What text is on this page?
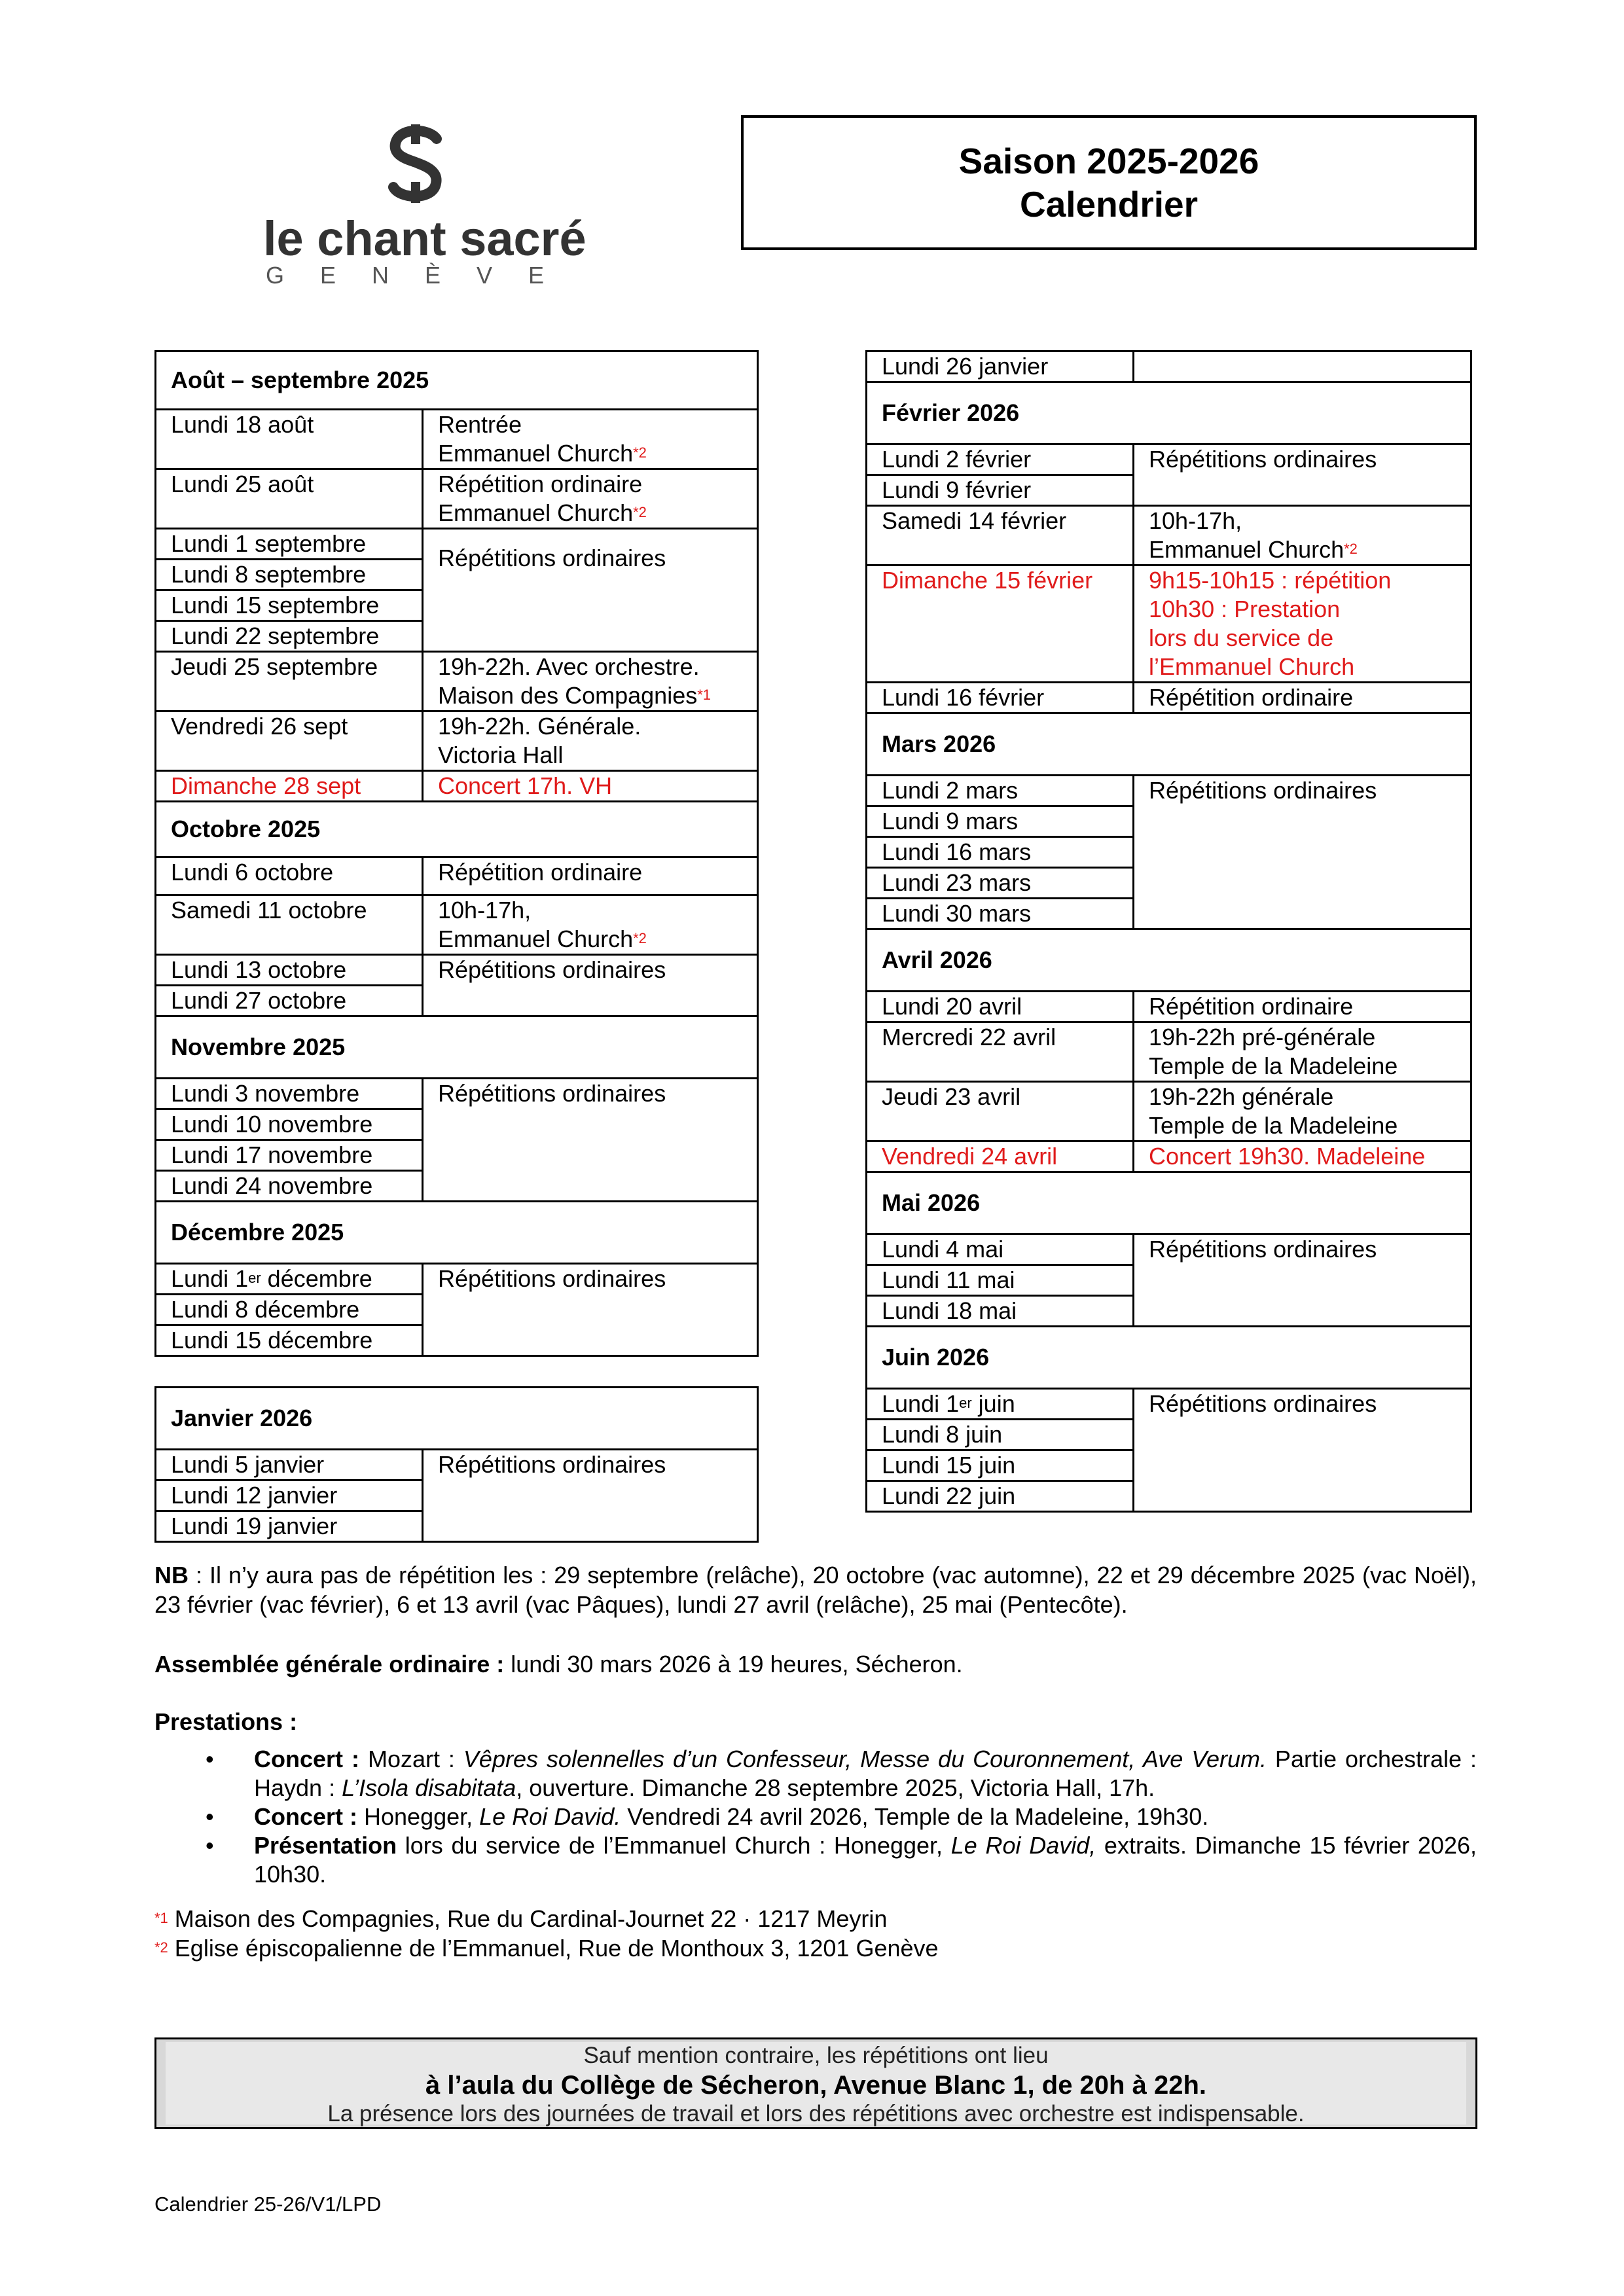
le chant sacré
GENÈVE
Saison 2025-2026
Calendrier
Août – septembre 2025	
Lundi 18 août	Rentrée
Emmanuel Church$^{*2}$
Lundi 25 août	Répétition ordinaire
Emmanuel Church$^{*2}$
Lundi 1 septembre	Répétitions ordinaires
Lundi 8 septembre	
Lundi 15 septembre	
Lundi 22 septembre	
Jeudi 25 septembre	19h-22h. Avec orchestre.
Maison des Compagnies$^{*1}$
Vendredi 26 sept	19h-22h. Générale.
Victoria Hall
Dimanche 28 sept	Concert 17h. VH
Octobre 2025	
Lundi 6 octobre	Répétition ordinaire
Samedi 11 octobre	10h-17h,
Emmanuel Church$^{*2}$
Lundi 13 octobre	Répétitions ordinaires
Lundi 27 octobre	
Novembre 2025	
Lundi 3 novembre	Répétitions ordinaires
Lundi 10 novembre	
Lundi 17 novembre	
Lundi 24 novembre	
Décembre 2025	
Lundi 1er décembre	Répétitions ordinaires
Lundi 8 décembre	
Lundi 15 décembre	
Janvier 2026
Lundi 5 janvier	Répétitions ordinaires
Lundi 12 janvier
Lundi 19 janvier
Lundi 26 janvier	
Février 2026	
Lundi 2 février	Répétitions ordinaires
Lundi 9 février	
Samedi 14 février	10h-17h,
Emmanuel Church$^{*2}$
Dimanche 15 février	9h15-10h15 : répétition
10h30 : Prestation
lors du service de
l’Emmanuel Church
Lundi 16 février	Répétition ordinaire
Mars 2026	
Lundi 2 mars	Répétitions ordinaires
Lundi 9 mars	
Lundi 16 mars	
Lundi 23 mars	
Lundi 30 mars	
Avril 2026	
Lundi 20 avril	Répétition ordinaire
Mercredi 22 avril	19h-22h pré-générale
Temple de la Madeleine
Jeudi 23 avril	19h-22h générale
Temple de la Madeleine
Vendredi 24 avril	Concert 19h30. Madeleine
Mai 2026	
Lundi 4 mai	Répétitions ordinaires
Lundi 11 mai	
Lundi 18 mai	
Juin 2026	
Lundi 1er juin	Répétitions ordinaires
Lundi 8 juin	
Lundi 15 juin	
Lundi 22 juin	
NB : Il n’y aura pas de répétition les : 29 septembre (relâche), 20 octobre (vac automne), 22 et 29 décembre 2025 (vac Noël), 23 février (vac février), 6 et 13 avril (vac Pâques), lundi 27 avril (relâche), 25 mai (Pentecôte).
Assemblée générale ordinaire : lundi 30 mars 2026 à 19 heures, Sécheron.
Prestations :
• Concert : Mozart : Vêpres solennelles d’un Confesseur, Messe du Couronnement, Ave Verum. Partie orchestrale : Haydn : L’Isola disabitata, ouverture. Dimanche 28 septembre 2025, Victoria Hall, 17h.
• Concert : Honegger, Le Roi David. Vendredi 24 avril 2026, Temple de la Madeleine, 19h30.
• Présentation lors du service de l’Emmanuel Church : Honegger, Le Roi David, extraits. Dimanche 15 février 2026, 10h30.
$^{*1}$ Maison des Compagnies, Rue du Cardinal-Journet 22 · 1217 Meyrin
$^{*2}$ Eglise épiscopalienne de l’Emmanuel, Rue de Monthoux 3, 1201 Genève
Sauf mention contraire, les répétitions ont lieu
à l’aula du Collège de Sécheron, Avenue Blanc 1, de 20h à 22h.
La présence lors des journées de travail et lors des répétitions avec orchestre est indispensable.
Calendrier 25-26/V1/LPD
